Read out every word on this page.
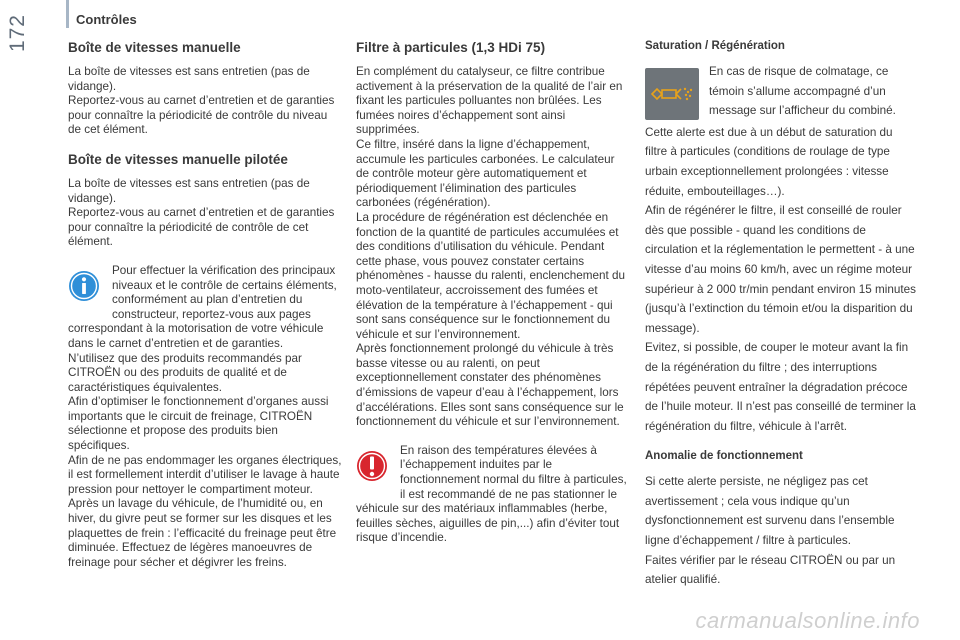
172	Contrôles
Boîte de vitesses manuelle

La boîte de vitesses est sans entretien (pas de vidange).
Reportez-vous au carnet d’entretien et de garanties pour connaître la périodicité de contrôle du niveau de cet élément.

Boîte de vitesses manuelle pilotée

La boîte de vitesses est sans entretien (pas de vidange).
Reportez-vous au carnet d’entretien et de garanties pour connaître la périodicité de contrôle de cet élément.

Pour effectuer la vérification des principaux niveaux et le contrôle de certains éléments, conformément au plan d’entretien du constructeur, reportez-vous aux pages correspondant à la motorisation de votre véhicule dans le carnet d’entretien et de garanties.
N’utilisez que des produits recommandés par CITROËN ou des produits de qualité et de caractéristiques équivalentes.
Afin d’optimiser le fonctionnement d’organes aussi importants que le circuit de freinage, CITROËN sélectionne et propose des produits bien spécifiques.
Afin de ne pas endommager les organes électriques, il est formellement interdit d’utiliser le lavage à haute pression pour nettoyer le compartiment moteur.
Après un lavage du véhicule, de l’humidité ou, en hiver, du givre peut se former sur les disques et les plaquettes de frein : l’efficacité du freinage peut être diminuée. Effectuez de légères manoeuvres de freinage pour sécher et dégivrer les freins.

Filtre à particules (1,3 HDi 75)

En complément du catalyseur, ce filtre contribue activement à la préservation de la qualité de l’air en fixant les particules polluantes non brûlées. Les fumées noires d’échappement sont ainsi supprimées.
Ce filtre, inséré dans la ligne d’échappement, accumule les particules carbonées. Le calculateur de contrôle moteur gère automatiquement et périodiquement l’élimination des particules carbonées (régénération).
La procédure de régénération est déclenchée en fonction de la quantité de particules accumulées et des conditions d’utilisation du véhicule. Pendant cette phase, vous pouvez constater certains phénomènes - hausse du ralenti, enclenchement du moto-ventilateur, accroissement des fumées et élévation de la température à l’échappement - qui sont sans conséquence sur le fonctionnement du véhicule et sur l’environnement.
Après fonctionnement prolongé du véhicule à très basse vitesse ou au ralenti, on peut exceptionnellement constater des phénomènes d’émissions de vapeur d’eau à l’échappement, lors d’accélérations. Elles sont sans conséquence sur le fonctionnement du véhicule et sur l’environnement.

En raison des températures élevées à l’échappement induites par le fonctionnement normal du filtre à particules, il est recommandé de ne pas stationner le véhicule sur des matériaux inflammables (herbe, feuilles sèches, aiguilles de pin,...) afin d’éviter tout risque d’incendie.

Saturation / Régénération

En cas de risque de colmatage, ce témoin s’allume accompagné d’un message sur l’afficheur du combiné.

Cette alerte est due à un début de saturation du filtre à particules (conditions de roulage de type urbain exceptionnellement prolongées : vitesse réduite, embouteillages…).
Afin de régénérer le filtre, il est conseillé de rouler dès que possible - quand les conditions de circulation et la réglementation le permettent - à une vitesse d’au moins 60 km/h, avec un régime moteur supérieur à 2 000 tr/min pendant environ 15 minutes (jusqu’à l’extinction du témoin et/ou la disparition du message).
Evitez, si possible, de couper le moteur avant la fin de la régénération du filtre ; des interruptions répétées peuvent entraîner la dégradation précoce de l’huile moteur. Il n’est pas conseillé de terminer la régénération du filtre, véhicule à l’arrêt.

Anomalie de fonctionnement

Si cette alerte persiste, ne négligez pas cet avertissement ; cela vous indique qu’un dysfonctionnement est survenu dans l’ensemble ligne d’échappement / filtre à particules.
Faites vérifier par le réseau CITROËN ou par un atelier qualifié.

carmanualsonline.info
